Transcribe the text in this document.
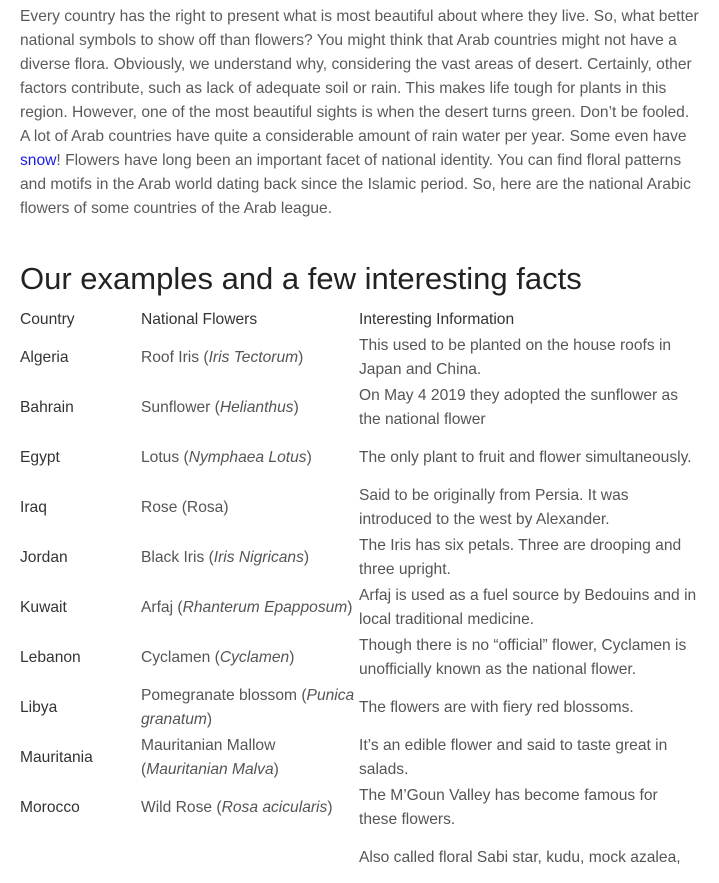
Every country has the right to present what is most beautiful about where they live. So, what better national symbols to show off than flowers? You might think that Arab countries might not have a diverse flora. Obviously, we understand why, considering the vast areas of desert. Certainly, other factors contribute, such as lack of adequate soil or rain. This makes life tough for plants in this region. However, one of the most beautiful sights is when the desert turns green. Don’t be fooled. A lot of Arab countries have quite a considerable amount of rain water per year. Some even have snow! Flowers have long been an important facet of national identity. You can find floral patterns and motifs in the Arab world dating back since the Islamic period. So, here are the national Arabic flowers of some countries of the Arab league.

Our examples and a few interesting facts
Country	National Flowers	Interesting Information
Algeria	Roof Iris (Iris Tectorum)	This used to be planted on the house roofs in Japan and China.
Bahrain	Sunflower (Helianthus)	On May 4 2019 they adopted the sunflower as the national flower
Egypt	Lotus (Nymphaea Lotus)	The only plant to fruit and flower simultaneously.
Iraq	Rose (Rosa)	Said to be originally from Persia. It was introduced to the west by Alexander.
Jordan	Black Iris (Iris Nigricans)	The Iris has six petals. Three are drooping and three upright.
Kuwait	Arfaj (Rhanterum Epapposum)	Arfaj is used as a fuel source by Bedouins and in local traditional medicine.
Lebanon	Cyclamen (Cyclamen)	Though there is no “official” flower, Cyclamen is unofficially known as the national flower.
Libya	Pomegranate blossom (Punica granatum)	The flowers are with fiery red blossoms.
Mauritania	Mauritanian Mallow (Mauritanian Malva)	It’s an edible flower and said to taste great in salads.
Morocco	Wild Rose (Rosa acicularis)	The M’Goun Valley has become famous for these flowers.
		Also called floral Sabi star, kudu, mock azalea,
